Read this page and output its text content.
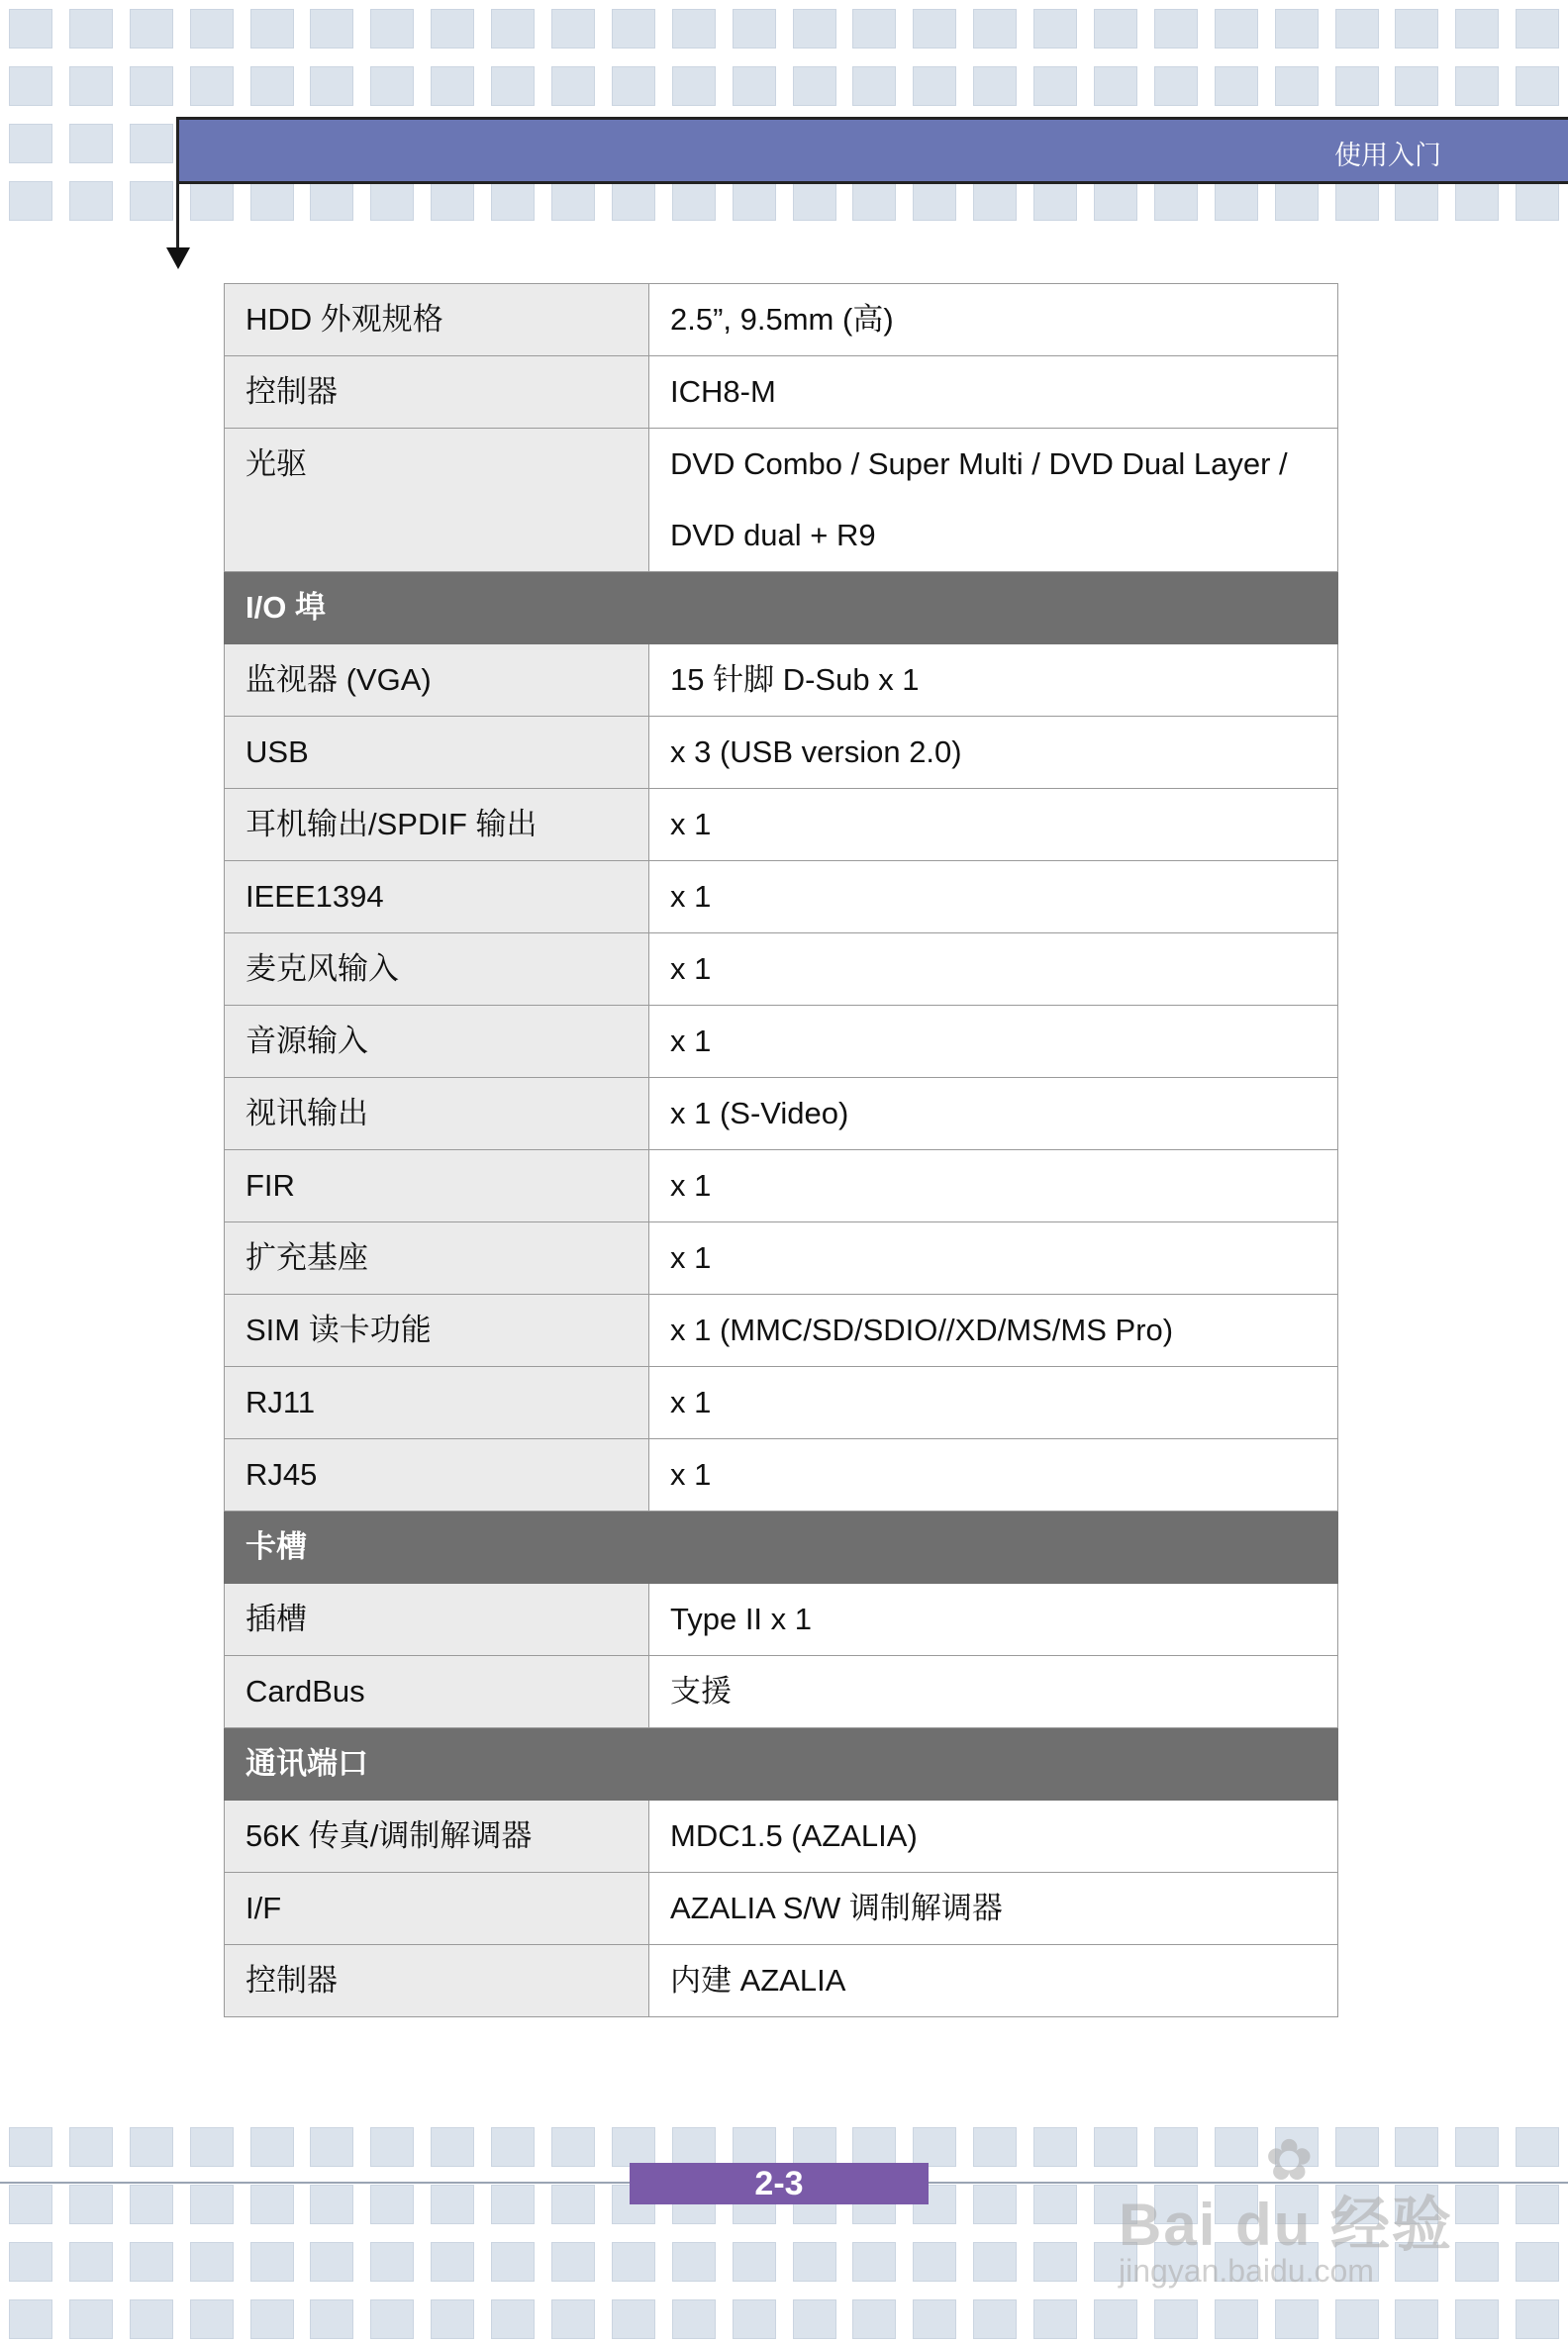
使用入门
HDD 外观规格	2.5”, 9.5mm (高)
控制器	ICH8-M
光驱	DVD Combo / Super Multi / DVD Dual Layer / DVD dual + R9
I/O 埠	
监视器 (VGA)	15 针脚 D-Sub x 1
USB	x 3 (USB version 2.0)
耳机输出/SPDIF 输出	x 1
IEEE1394	x 1
麦克风输入	x 1
音源输入	x 1
视讯输出	x 1 (S-Video)
FIR	x 1
扩充基座	x 1
SIM 读卡功能	x 1 (MMC/SD/SDIO//XD/MS/MS Pro)
RJ11	x 1
RJ45	x 1
卡槽	
插槽	Type II x 1
CardBus	支援
通讯端口	
56K 传真/调制解调器	MDC1.5 (AZALIA)
I/F	AZALIA S/W 调制解调器
控制器	内建 AZALIA
2-3	✿
Bai du 经验
jingyan.baidu.com
